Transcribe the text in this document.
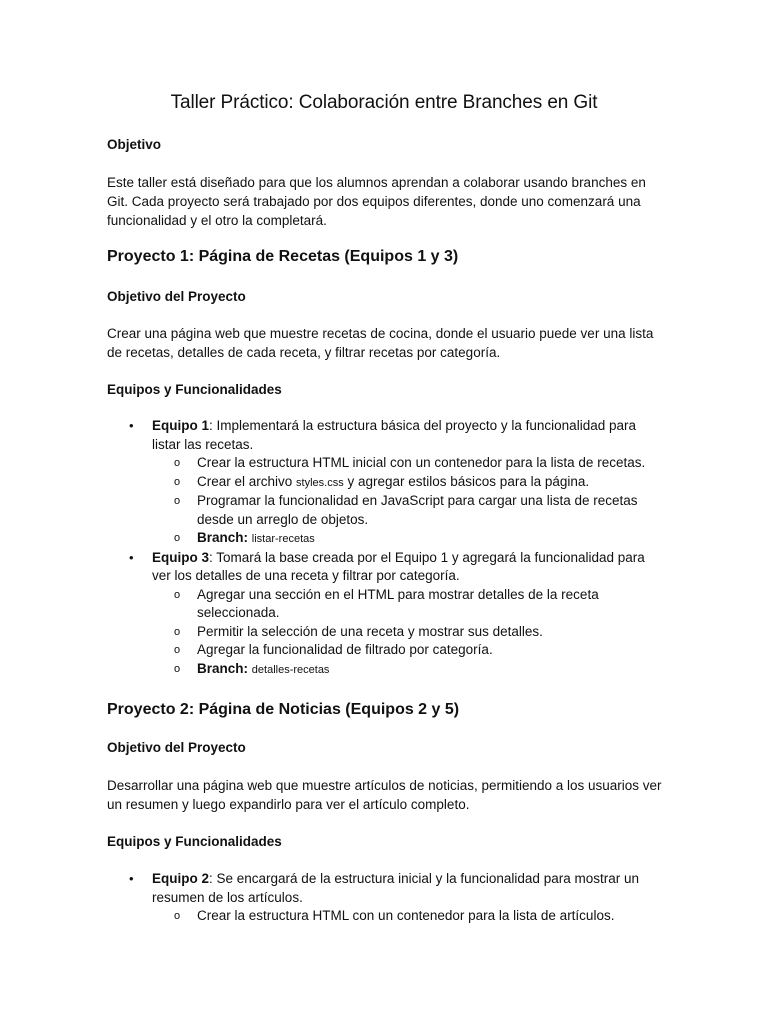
Taller Práctico: Colaboración entre Branches en Git
Objetivo

Este taller está diseñado para que los alumnos aprendan a colaborar usando branches en Git. Cada proyecto será trabajado por dos equipos diferentes, donde uno comenzará una funcionalidad y el otro la completará.

Proyecto 1: Página de Recetas (Equipos 1 y 3)
Objetivo del Proyecto

Crear una página web que muestre recetas de cocina, donde el usuario puede ver una lista de recetas, detalles de cada receta, y filtrar recetas por categoría.

Equipos y Funcionalidades
• Equipo 1: Implementará la estructura básica del proyecto y la funcionalidad para listar las recetas.
o Crear la estructura HTML inicial con un contenedor para la lista de recetas.
o Crear el archivo styles.css y agregar estilos básicos para la página.
o Programar la funcionalidad en JavaScript para cargar una lista de recetas desde un arreglo de objetos.
o Branch: listar-recetas
• Equipo 3: Tomará la base creada por el Equipo 1 y agregará la funcionalidad para ver los detalles de una receta y filtrar por categoría.
o Agregar una sección en el HTML para mostrar detalles de la receta seleccionada.
o Permitir la selección de una receta y mostrar sus detalles.
o Agregar la funcionalidad de filtrado por categoría.
o Branch: detalles-recetas
Proyecto 2: Página de Noticias (Equipos 2 y 5)
Objetivo del Proyecto

Desarrollar una página web que muestre artículos de noticias, permitiendo a los usuarios ver un resumen y luego expandirlo para ver el artículo completo.

Equipos y Funcionalidades
• Equipo 2: Se encargará de la estructura inicial y la funcionalidad para mostrar un resumen de los artículos.
o Crear la estructura HTML con un contenedor para la lista de artículos.
